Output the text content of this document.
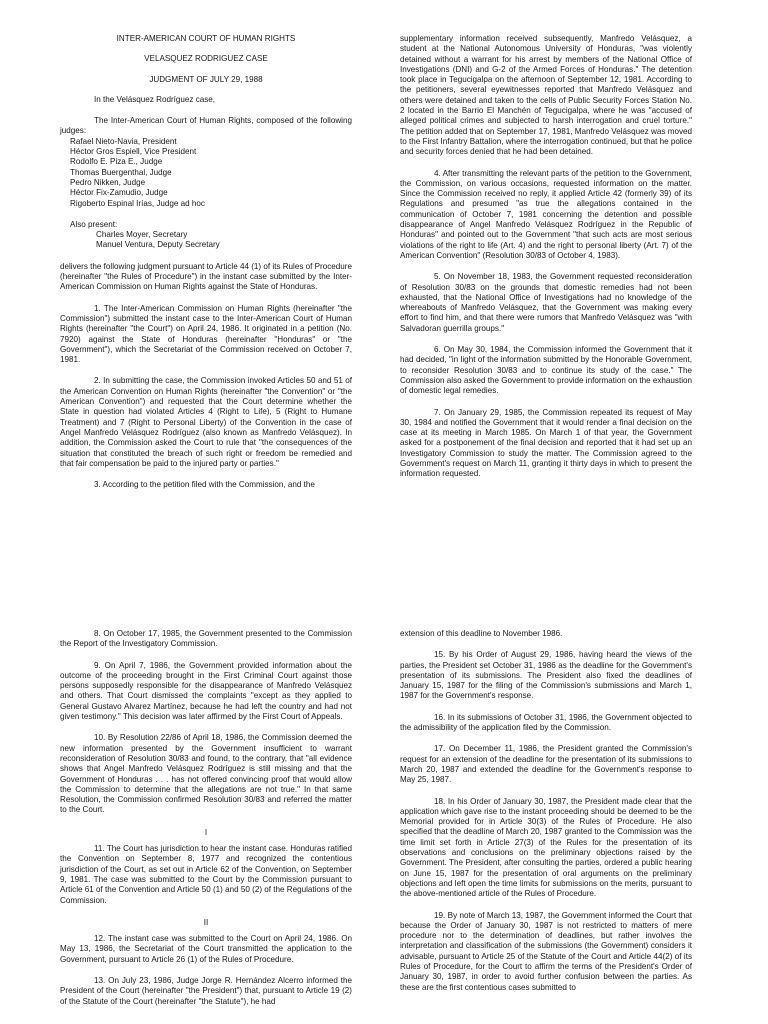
INTER-AMERICAN COURT OF HUMAN RIGHTS
VELASQUEZ RODRIGUEZ CASE
JUDGMENT OF JULY 29, 1988

In the Velásquez Rodríguez case,

The Inter-American Court of Human Rights, composed of the following judges:

Rafael Nieto-Navia, President
Héctor Gros Espiell, Vice President
Rodolfo E. Piza E., Judge
Thomas Buergenthal, Judge
Pedro Nikken, Judge
Héctor Fix-Zamudio, Judge
Rigoberto Espinal Irías, Judge ad hoc
Also present:
Charles Moyer, Secretary
Manuel Ventura, Deputy Secretary

delivers the following judgment pursuant to Article 44 (1) of its Rules of Procedure (hereinafter "the Rules of Procedure") in the instant case submitted by the Inter-American Commission on Human Rights against the State of Honduras.

1. The Inter-American Commission on Human Rights (hereinafter "the Commission") submitted the instant case to the Inter-American Court of Human Rights (hereinafter "the Court") on April 24, 1986. It originated in a petition (No. 7920) against the State of Honduras (hereinafter "Honduras" or "the Government"), which the Secretariat of the Commission received on October 7, 1981.

2. In submitting the case, the Commission invoked Articles 50 and 51 of the American Convention on Human Rights (hereinafter "the Convention" or "the American Convention") and requested that the Court determine whether the State in question had violated Articles 4 (Right to Life), 5 (Right to Humane Treatment) and 7 (Right to Personal Liberty) of the Convention in the case of Angel Manfredo Velásquez Rodríguez (also known as Manfredo Velásquez). In addition, the Commission asked the Court to rule that "the consequences of the situation that constituted the breach of such right or freedom be remedied and that fair compensation be paid to the injured party or parties."

3. According to the petition filed with the Commission, and the

supplementary information received subsequently, Manfredo Velásquez, a student at the National Autonomous University of Honduras, "was violently detained without a warrant for his arrest by members of the National Office of Investigations (DNI) and G-2 of the Armed Forces of Honduras." The detention took place in Tegucigalpa on the afternoon of September 12, 1981. According to the petitioners, several eyewitnesses reported that Manfredo Velásquez and others were detained and taken to the cells of Public Security Forces Station No. 2 located in the Barrio El Manchén of Tegucigalpa, where he was "accused of alleged political crimes and subjected to harsh interrogation and cruel torture." The petition added that on September 17, 1981, Manfredo Velásquez was moved to the First Infantry Battalion, where the interrogation continued, but that he police and security forces denied that he had been detained.

4. After transmitting the relevant parts of the petition to the Government, the Commission, on various occasions, requested information on the matter. Since the Commission received no reply, it applied Article 42 (formerly 39) of its Regulations and presumed "as true the allegations contained in the communication of October 7, 1981 concerning the detention and possible disappearance of Angel Manfredo Velásquez Rodríguez in the Republic of Honduras" and pointed out to the Government "that such acts are most serious violations of the right to life (Art. 4) and the right to personal liberty (Art. 7) of the American Convention" (Resolution 30/83 of October 4, 1983).

5. On November 18, 1983, the Government requested reconsideration of Resolution 30/83 on the grounds that domestic remedies had not been exhausted, that the National Office of Investigations had no knowledge of the whereabouts of Manfredo Velásquez, that the Government was making every effort to find him, and that there were rumors that Manfredo Velásquez was "with Salvadoran guerrilla groups."

6. On May 30, 1984, the Commission informed the Government that it had decided, "in light of the information submitted by the Honorable Government, to reconsider Resolution 30/83 and to continue its study of the case." The Commission also asked the Government to provide information on the exhaustion of domestic legal remedies.

7. On January 29, 1985, the Commission repeated its request of May 30, 1984 and notified the Government that it would render a final decision on the case at its meeting in March 1985. On March 1 of that year, the Government asked for a postponement of the final decision and reported that it had set up an Investigatory Commission to study the matter. The Commission agreed to the Government's request on March 11, granting it thirty days in which to present the information requested.

8. On October 17, 1985, the Government presented to the Commission the Report of the Investigatory Commission.

9. On April 7, 1986, the Government provided information about the outcome of the proceeding brought in the First Criminal Court against those persons supposedly responsible for the disappearance of Manfredo Velásquez and others. That Court dismissed the complaints "except as they applied to General Gustavo Alvarez Martínez, because he had left the country and had not given testimony." This decision was later affirmed by the First Court of Appeals.

10. By Resolution 22/86 of April 18, 1986, the Commission deemed the new information presented by the Government insufficient to warrant reconsideration of Resolution 30/83 and found, to the contrary, that "all evidence shows that Angel Manfredo Velásquez Rodríguez is still missing and that the Government of Honduras . . . has not offered convincing proof that would allow the Commission to determine that the allegations are not true." In that same Resolution, the Commission confirmed Resolution 30/83 and referred the matter to the Court.

I

11. The Court has jurisdiction to hear the instant case. Honduras ratified the Convention on September 8, 1977 and recognized the contentious jurisdiction of the Court, as set out in Article 62 of the Convention, on September 9, 1981. The case was submitted to the Court by the Commission pursuant to Article 61 of the Convention and Article 50 (1) and 50 (2) of the Regulations of the Commission.

II

12. The instant case was submitted to the Court on April 24, 1986. On May 13, 1986, the Secretariat of the Court transmitted the application to the Government, pursuant to Article 26 (1) of the Rules of Procedure.

13. On July 23, 1986, Judge Jorge R. Hernández Alcerro informed the President of the Court (hereinafter "the President") that, pursuant to Article 19 (2) of the Statute of the Court (hereinafter "the Statute"), he had

extension of this deadline to November 1986.

15. By his Order of August 29, 1986, having heard the views of the parties, the President set October 31, 1986 as the deadline for the Government's presentation of its submissions. The President also fixed the deadlines of January 15, 1987 for the filing of the Commission's submissions and March 1, 1987 for the Government's response.

16. In its submissions of October 31, 1986, the Government objected to the admissibility of the application filed by the Commission.

17. On December 11, 1986, the President granted the Commission's request for an extension of the deadline for the presentation of its submissions to March 20, 1987 and extended the deadline for the Government's response to May 25, 1987.

18. In his Order of January 30, 1987, the President made clear that the application which gave rise to the instant proceeding should be deemed to be the Memorial provided for in Article 30(3) of the Rules of Procedure. He also specified that the deadline of March 20, 1987 granted to the Commission was the time limit set forth in Article 27(3) of the Rules for the presentation of its observations and conclusions on the preliminary objections raised by the Government. The President, after consulting the parties, ordered a public hearing on June 15, 1987 for the presentation of oral arguments on the preliminary objections and left open the time limits for submissions on the merits, pursuant to the above-mentioned article of the Rules of Procedure.

19. By note of March 13, 1987, the Government informed the Court that because the Order of January 30, 1987 is not restricted to matters of mere procedure nor to the determination of deadlines, but rather involves the interpretation and classification of the submissions (the Government) considers it advisable, pursuant to Article 25 of the Statute of the Court and Article 44(2) of its Rules of Procedure, for the Court to affirm the terms of the President's Order of January 30, 1987, in order to avoid further confusion between the parties. As these are the first contentious cases submitted to
